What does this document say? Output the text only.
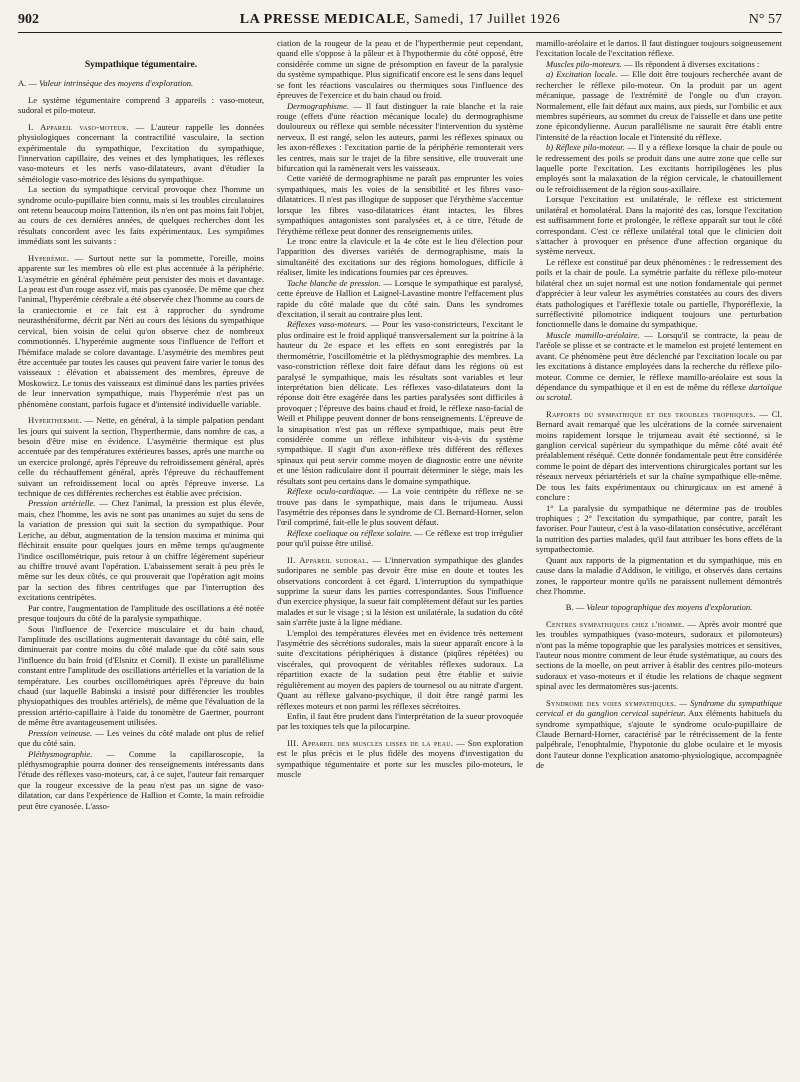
902	LA PRESSE MEDICALE, Samedi, 17 Juillet 1926	N° 57
Sympathique tégumentaire.

A. — Valeur intrinsèque des moyens d'exploration.

Le système tégumentaire comprend 3 appareils : vaso-moteur, sudoral et pilo-moteur.

I. Appareil vaso-moteur. — L'auteur rappelle les données physiologiques concernant la contractilité vasculaire, la section expérimentale du sympathique, l'excitation du sympathique, l'innervation capillaire, des veines et des lymphatiques, les réflexes vaso-moteurs et les nerfs vaso-dilatateurs, avant d'étudier la séméiologie vaso-motrice des lésions du sympathique.

La section du sympathique cervical provoque chez l'homme un syndrome oculo-pupillaire bien connu, mais si les troubles circulatoires ont retenu beaucoup moins l'attention, ils n'en ont pas moins fait l'objet, au cours de ces dernières années, de quelques recherches dont les résultats concordent avec les faits expérimentaux. Les symptômes immédiats sont les suivants :

Hyperémie. — Surtout nette sur la pommette, l'oreille, moins apparente sur les membres où elle est plus accentuée à la périphérie. L'asymétrie en général éphémère peut persister des mois et davantage. La peau est d'un rouge assez vif, mais pas cyanosée. De même que chez l'animal, l'hyperémie cérébrale a été observée chez l'homme au cours de la craniectomie et ce fait est à rapprocher du syndrome neurasthéniforme, décrit par Néri au cours des lésions du sympathique cervical, bien voisin de celui qu'on observe chez de nombreux commotionnés. L'hyperémie augmente sous l'influence de l'effort et l'hémiface malade se colore davantage. L'asymétrie des membres peut être accentuée par toutes les causes qui peuvent faire varier le tonus des vaisseaux : élévation et abaissement des membres, épreuve de Moskowicz. Le tonus des vaisseaux est diminué dans les parties privées de leur innervation sympathique, mais l'hyperémie n'est pas un phénomène constant, parfois fugace et d'intensité individuelle variable.

Hyperthermie. — Nette, en général, à la simple palpation pendant les jours qui suivent la section, l'hyperthermie, dans nombre de cas, a besoin d'être mise en évidence. L'asymétrie thermique est plus accentuée par des températures extérieures basses, après une marche ou un exercice prolongé, après l'épreuve du refroidissement général, après celle du réchauffement général, après l'épreuve du réchauffement suivant un refroidissement local ou après l'épreuve inverse. La technique de ces différentes recherches est établie avec précision.

Pression artérielle. — Chez l'animal, la pression est plus élevée, mais, chez l'homme, les avis ne sont pas unanimes au sujet du sens de la variation de pression qui suit la section du sympathique. Pour Leriche, au début, augmentation de la tension maxima et minima qui fléchirait ensuite pour quelques jours en même temps qu'augmente l'indice oscillométrique, puis retour à un chiffre légèrement supérieur au chiffre trouvé avant l'opération. L'abaissement serait à peu près le même sur les deux côtés, ce qui prouverait que l'opération agit moins par la section des fibres centrifuges que par l'interruption des excitations centripètes.

Par contre, l'augmentation de l'amplitude des oscillations a été notée presque toujours du côté de la paralysie sympathique.

Sous l'influence de l'exercice musculaire et du bain chaud, l'amplitude des oscillations augmenterait davantage du côté sain, elle diminuerait par contre moins du côté malade que du côté sain sous l'influence du bain froid (d'Elsnitz et Cornil). Il existe un parallélisme constant entre l'amplitude des oscillations artérielles et la variation de la température. Les courbes oscillométriques après l'épreuve du bain chaud (sur laquelle Babinski a insisté pour différencier les troubles physiopathiques des troubles artériels), de même que l'évaluation de la pression artério-capillaire à l'aide du tonomètre de Gaertner, pourront de même être avantageusement utilisées.

Pression veineuse. — Les veines du côté malade ont plus de relief que du côté sain.

Pléthysmographie. — Comme la capillaroscopie, la pléthysmographie pourra donner des renseignements intéressants dans l'étude des réflexes vaso-moteurs, car, à ce sujet, l'auteur fait remarquer que la rougeur excessive de la peau n'est pas un signe de vaso-dilatation, car dans l'expérience de Hallion et Comte, la main refroidie peut être cyanosée. L'asso-

ciation de la rougeur de la peau et de l'hyperthermie peut cependant, quand elle s'oppose à la pâleur et à l'hypothermie du côté opposé, être considérée comme un signe de présomption en faveur de la paralysie du système sympathique. Plus significatif encore est le sens dans lequel se font les réactions vasculaires ou thermiques sous l'influence des épreuves de l'exercice et du bain chaud ou froid.

Dermographisme. — Il faut distinguer la raie blanche et la raie rouge (effets d'une réaction mécanique locale) du dermographisme douloureux ou réflexe qui semble nécessiter l'intervention du système nerveux. Il est rangé, selon les auteurs, parmi les réflexes spinaux ou les axon-réflexes : l'excitation partie de la périphérie remonterait vers les centres, mais sur le trajet de la fibre sensitive, elle trouverait une bifurcation qui la ramènerait vers les vaisseaux.

Cette variété de dermographisme ne paraît pas emprunter les voies sympathiques, mais les voies de la sensibilité et les fibres vaso-dilatatrices. Il n'est pas illogique de supposer que l'érythème s'accentue lorsque les fibres vaso-dilatatrices étant intactes, les fibres sympathiques antagonistes sont paralysées et, à ce titre, l'étude de l'érythème réflexe peut donner des renseignements utiles.

Le tronc entre la clavicule et la 4e côte est le lieu d'élection pour l'apparition des diverses variétés de dermographisme, mais la simultanéité des excitations sur des régions homologues, difficile à réaliser, limite les indications fournies par ces épreuves.

Tache blanche de pression. — Lorsque le sympathique est paralysé, cette épreuve de Hallion et Laignel-Lavastine montre l'effacement plus rapide du côté malade que du côté sain. Dans les syndromes d'excitation, il serait au contraire plus lent.

Réflexes vaso-moteurs. — Pour les vaso-constricteurs, l'excitant le plus ordinaire est le froid appliqué transversalement sur la poitrine à la hauteur du 2e espace et les effets en sont enregistrés par la thermométrie, l'oscillométrie et la pléthysmographie des membres. La vaso-constriction réflexe doit faire défaut dans les régions où est paralysé le sympathique, mais les résultats sont variables et leur interprétation bien délicate. Les réflexes vaso-dilatateurs dont la réponse doit être exagérée dans les parties paralysées sont difficiles à provoquer ; l'épreuve des bains chaud et froid, le réflexe naso-facial de Weill et Philippe peuvent donner de bons renseignements. L'épreuve de la sinapisation n'est pas un réflexe sympathique, mais peut être considérée comme un réflexe inhibiteur vis-à-vis du système sympathique. Il s'agit d'un axon-réflexe très différent des réflexes spinaux qui peut servir comme moyen de diagnostic entre une névrite et une lésion radiculaire dont il pourrait déterminer le siège, mais les résultats sont peu certains dans le domaine sympathique.

Réflexe oculo-cardiaque. — La voie centripète du réflexe ne se trouve pas dans le sympathique, mais dans le trijumeau. Aussi l'asymétrie des réponses dans le syndrome de Cl. Bernard-Horner, selon l'œil comprimé, fait-elle le plus souvent défaut.

Réflexe coeliaque ou réflexe solaire. — Ce réflexe est trop irrégulier pour qu'il puisse être utilisé.

II. Appareil sudoral. — L'innervation sympathique des glandes sudoripares ne semble pas devoir être mise en doute et toutes les observations concordent à cet égard. L'interruption du sympathique supprime la sueur dans les parties correspondantes. Sous l'influence d'un exercice physique, la sueur fait complètement défaut sur les parties malades et sur le visage ; si la lésion est unilatérale, la sudation du côté sain s'arrête juste à la ligne médiane.

L'emploi des températures élevées met en évidence très nettement l'asymétrie des sécrétions sudorales, mais la sueur apparaît encore à la suite d'excitations périphériques à distance (piqûres répétées) ou viscérales, qui provoquent de véritables réflexes sudoraux. La répartition exacte de la sudation peut être établie et suivie régulièrement au moyen des papiers de tournesol ou au nitrate d'argent. Quant au réflexe galvano-psychique, il doit être rangé parmi les réflexes moteurs et non parmi les réflexes sécrétoires.

Enfin, il faut être prudent dans l'interprétation de la sueur provoquée par les toxiques tels que la pilocarpine.

III. Appareil des muscles lisses de la peau. — Son exploration est le plus précis et le plus fidèle des moyens d'investigation du sympathique tégumentaire et porte sur les muscles pilo-moteurs, le muscle

mamillo-aréolaire et le dartos. Il faut distinguer toujours soigneusement l'excitation locale de l'excitation réflexe.

Muscles pilo-moteurs. — Ils répondent à diverses excitations :

a) Excitation locale. — Elle doit être toujours recherchée avant de rechercher le réflexe pilo-moteur. On la produit par un agent mécanique, passage de l'extrémité de l'ongle ou d'un crayon. Normalement, elle fait défaut aux mains, aux pieds, sur l'ombilic et aux membres supérieurs, au sommet du creux de l'aisselle et dans une petite zone épicondylienne. Aucun parallélisme ne saurait être établi entre l'intensité de la réaction locale et l'intensité du réflexe.

b) Réflexe pilo-moteur. — Il y a réflexe lorsque la chair de poule ou le redressement des poils se produit dans une autre zone que celle sur laquelle porte l'excitation. Les excitants horripilogènes les plus employés sont la malaxation de la région cervicale, le chatouillement ou le refroidissement de la région sous-axillaire.

Lorsque l'excitation est unilatérale, le réflexe est strictement unilatéral et homolatéral. Dans la majorité des cas, lorsque l'excitation est suffisamment forte et prolongée, le réflexe apparaît sur tout le côté correspondant. C'est ce réflexe unilatéral total que le clinicien doit s'attacher à provoquer en présence d'une affection organique du système nerveux.

Le réflexe est constitué par deux phénomènes : le redressement des poils et la chair de poule. La symétrie parfaite du réflexe pilo-moteur bilatéral chez un sujet normal est une notion fondamentale qui permet d'apprécier à leur valeur les asymétries constatées au cours des divers états pathologiques et l'aréflexie totale ou partielle, l'hyporéflexie, la surréflectivité pilomotrice indiquent toujours une perturbation fonctionnelle dans le domaine du sympathique.

Muscle mamillo-aréolaire. — Lorsqu'il se contracte, la peau de l'aréole se plisse et se contracte et le mamelon est projeté lentement en avant. Ce phénomène peut être déclenché par l'excitation locale ou par les excitations à distance employées dans la recherche du réflexe pilo-moteur. Comme ce dernier, le réflexe mamillo-aréolaire est sous la dépendance du sympathique et il en est de même du réflexe dartoïque ou scrotal.

Rapports du sympathique et des troubles trophiques. — Cl. Bernard avait remarqué que les ulcérations de la cornée survenaient moins rapidement lorsque le trijumeau avait été sectionné, si le ganglion cervical supérieur du sympathique du même côté avait été préalablement réséqué. Cette donnée fondamentale peut être considérée comme le point de départ des interventions chirurgicales portant sur les réseaux nerveux périartériels et sur la chaîne sympathique elle-même. De tous les faits expérimentaux ou chirurgicaux on est amené à conclure :

1° La paralysie du sympathique ne détermine pas de troubles trophiques ; 2° l'excitation du sympathique, par contre, paraît les favoriser. Pour l'auteur, c'est à la vaso-dilatation consécutive, accélérant la nutrition des parties malades, qu'il faut attribuer les bons effets de la sympathectomie.

Quant aux rapports de la pigmentation et du sympathique, mis en cause dans la maladie d'Addison, le vitiligo, et observés dans certains zones, le rapporteur montre qu'ils ne paraissent nullement démontrés chez l'homme.

B. — Valeur topographique des moyens d'exploration.

Centres sympathiques chez l'homme. — Après avoir montré que les troubles sympathiques (vaso-moteurs, sudoraux et pilomoteurs) n'ont pas la même topographie que les paralysies motrices et sensitives, l'auteur nous montre comment de leur étude systématique, au cours des sections de la moelle, on peut arriver à établir des centres pilo-moteurs sudoraux et vaso-moteurs et il étudie les relations de chaque segment spinal avec les dermatomères sus-jacents.

Syndrome des voies sympathiques. — Syndrome du sympathique cervical et du ganglion cervical supérieur. Aux éléments habituels du syndrome sympathique, s'ajoute le syndrome oculo-pupillaire de Claude Bernard-Horner, caractérisé par le rétrécissement de la fente palpébrale, l'enophtalmie, l'hypotonie du globe oculaire et le myosis dont l'auteur donne l'explication anatomo-physiologique, accompagnée de
